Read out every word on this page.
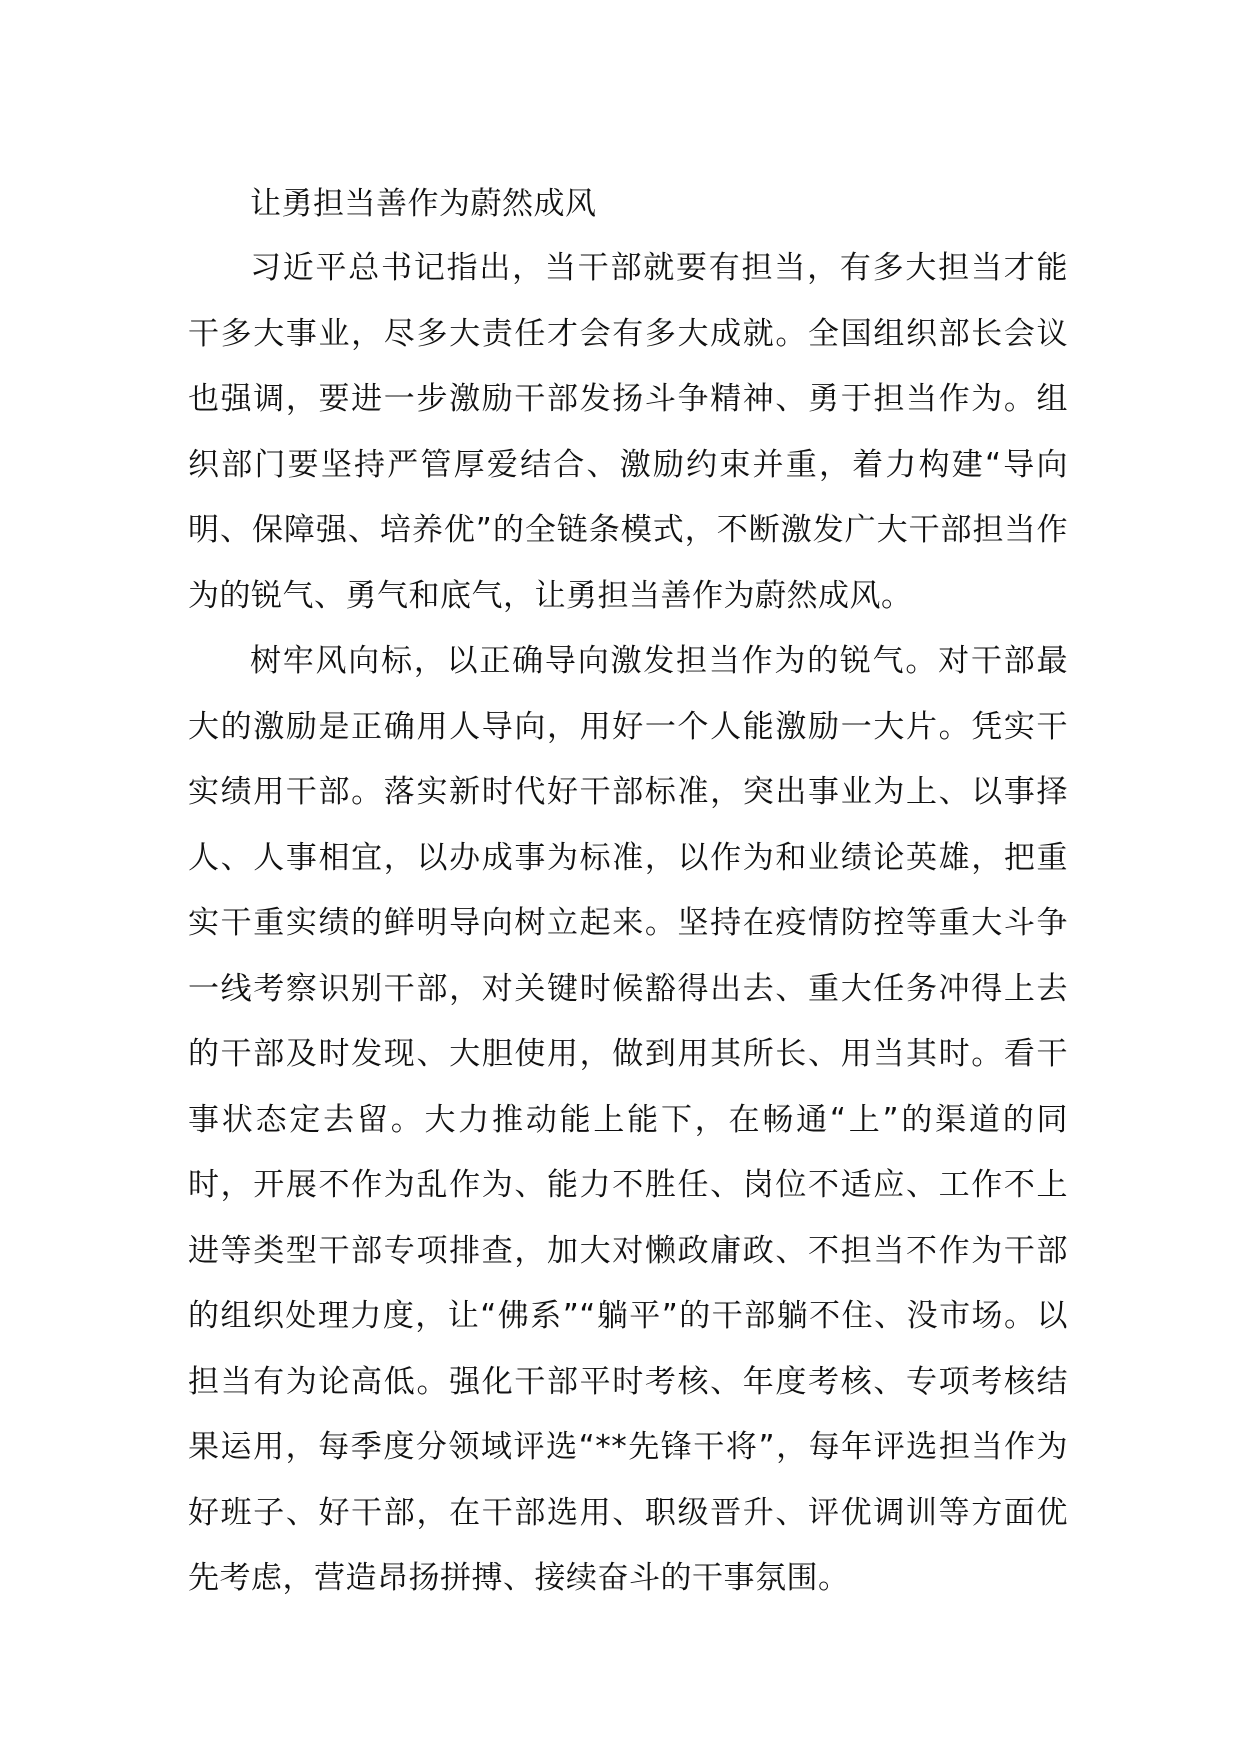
让勇担当善作为蔚然成风

习近平总书记指出，当干部就要有担当，有多大担当才能干多大事业，尽多大责任才会有多大成就。全国组织部长会议也强调，要进一步激励干部发扬斗争精神、勇于担当作为。组织部门要坚持严管厚爱结合、激励约束并重，着力构建“导向明、保障强、培养优”的全链条模式，不断激发广大干部担当作为的锐气、勇气和底气，让勇担当善作为蔚然成风。

树牢风向标，以正确导向激发担当作为的锐气。对干部最大的激励是正确用人导向，用好一个人能激励一大片。凭实干实绩用干部。落实新时代好干部标准，突出事业为上、以事择人、人事相宜，以办成事为标准，以作为和业绩论英雄，把重实干重实绩的鲜明导向树立起来。坚持在疫情防控等重大斗争一线考察识别干部，对关键时候豁得出去、重大任务冲得上去的干部及时发现、大胆使用，做到用其所长、用当其时。看干事状态定去留。大力推动能上能下，在畅通“上”的渠道的同时，开展不作为乱作为、能力不胜任、岗位不适应、工作不上进等类型干部专项排查，加大对懒政庸政、不担当不作为干部的组织处理力度，让“佛系”“躺平”的干部躺不住、没市场。以担当有为论高低。强化干部平时考核、年度考核、专项考核结果运用，每季度分领域评选“**先锋干将”，每年评选担当作为好班子、好干部，在干部选用、职级晋升、评优调训等方面优先考虑，营造昂扬拼搏、接续奋斗的干事氛围。
